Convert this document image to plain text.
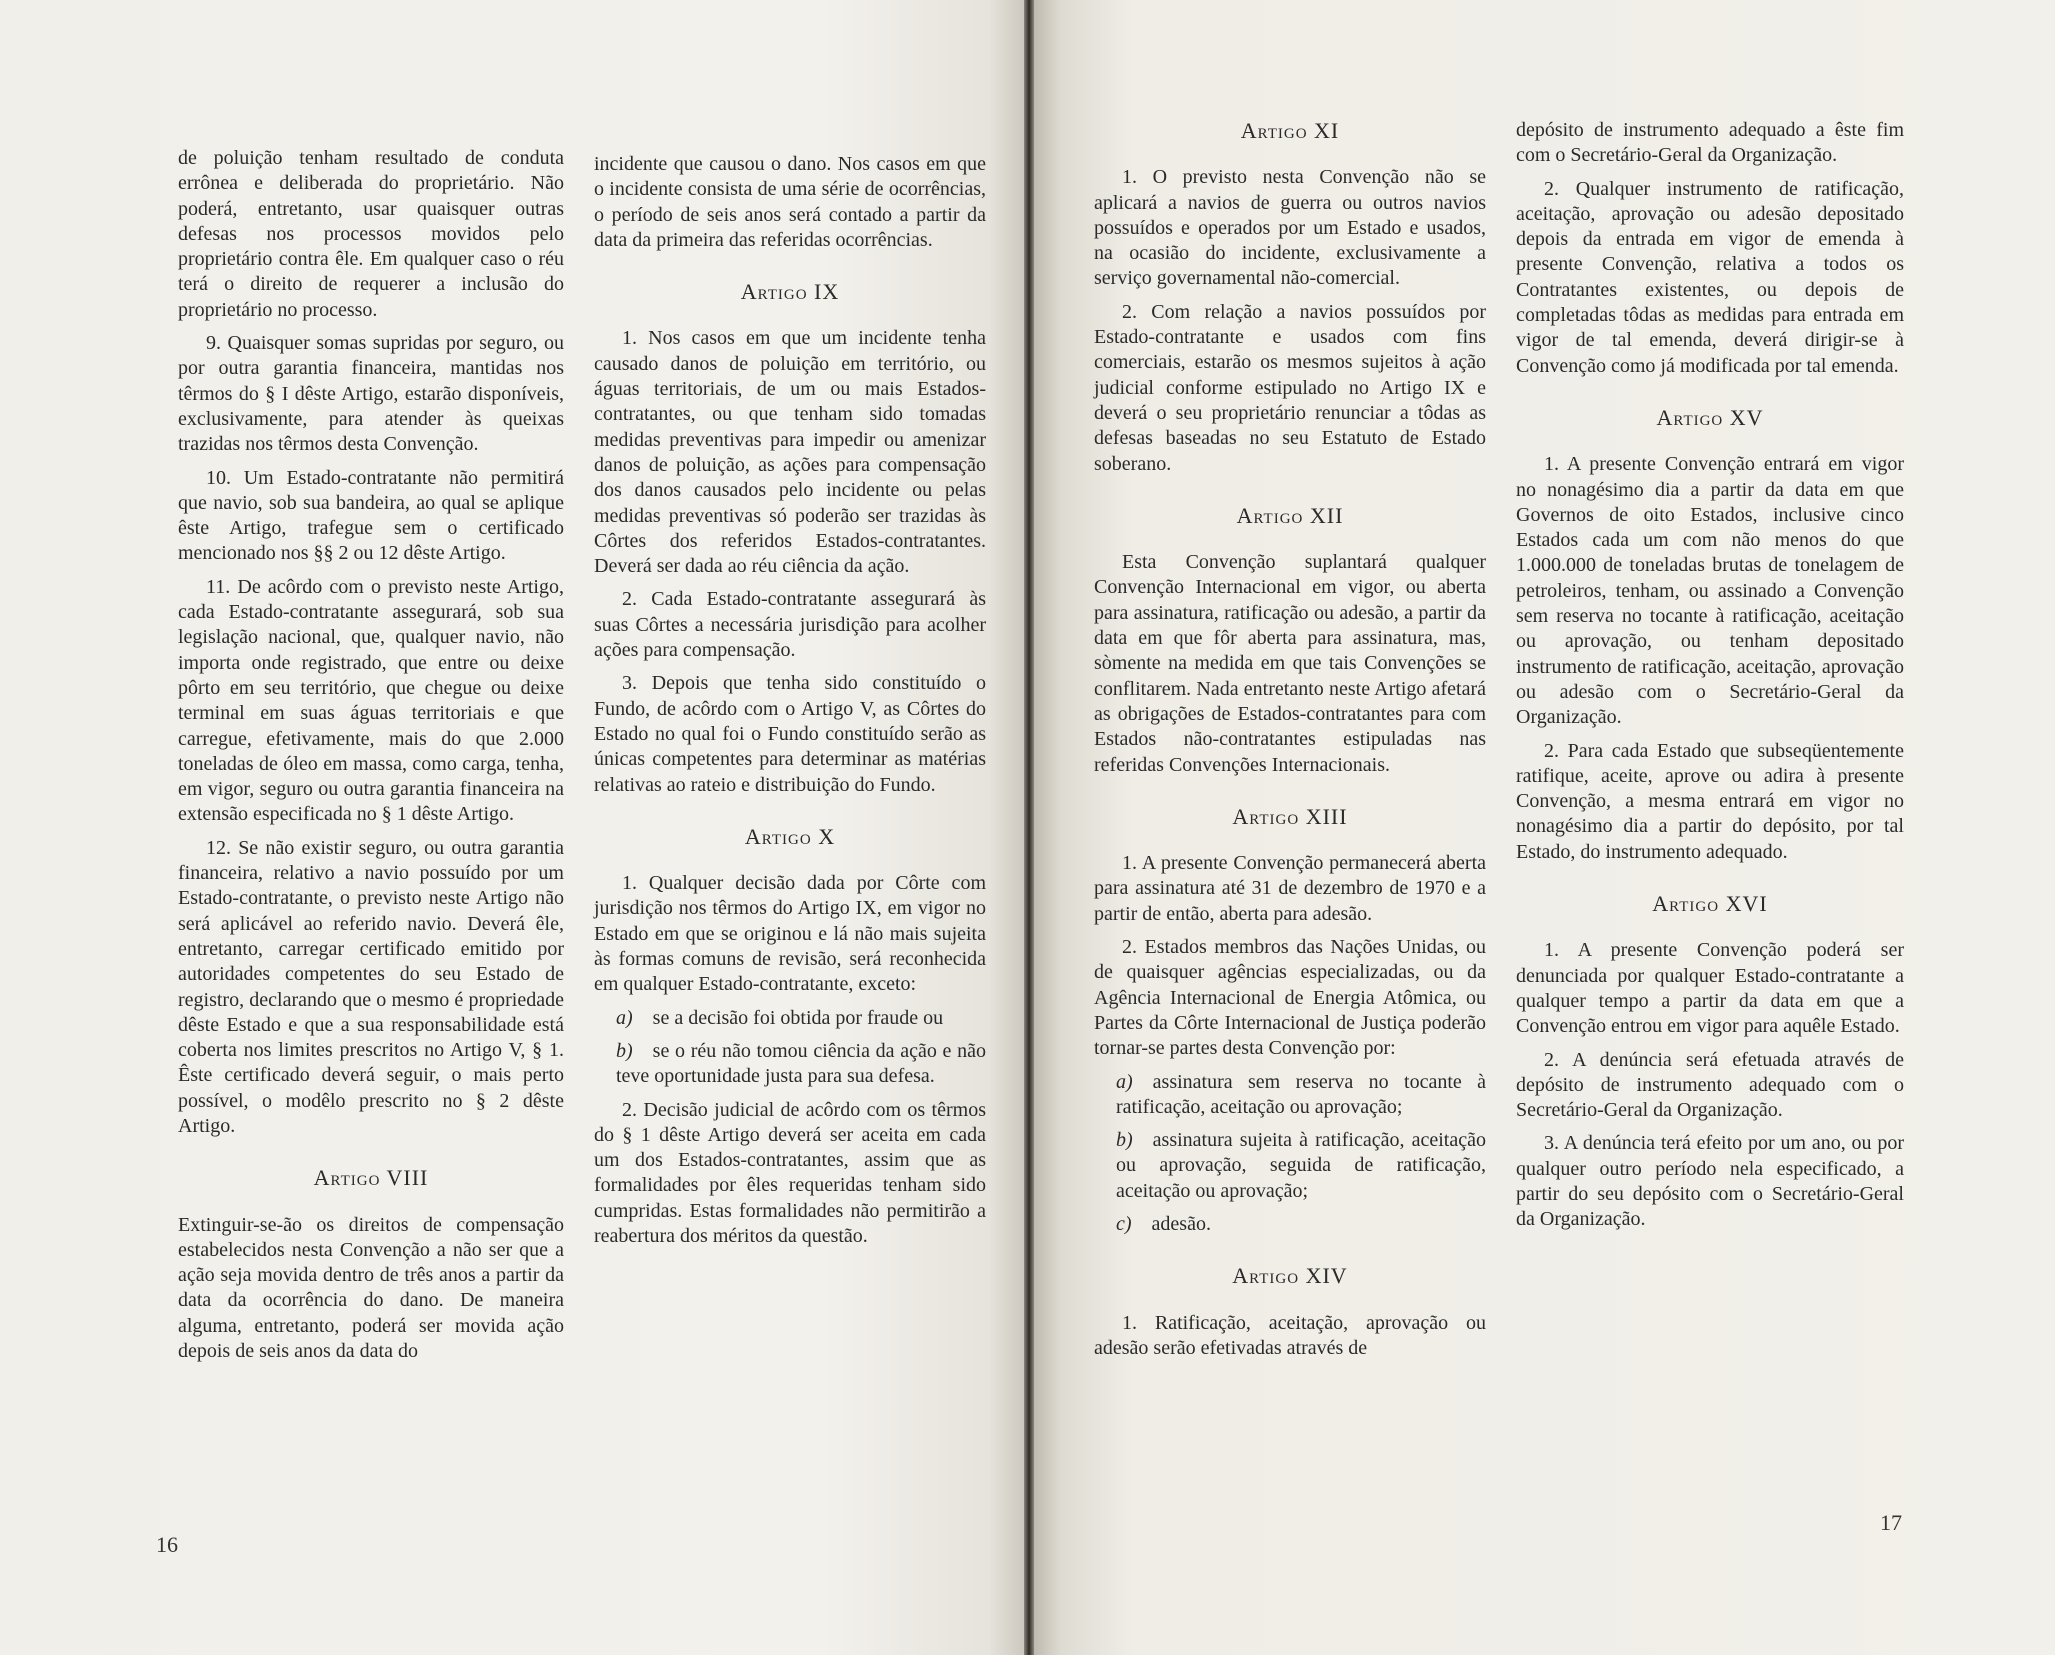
de poluição tenham resultado de conduta errônea e deliberada do proprietário. Não poderá, entretanto, usar quaisquer outras defesas nos processos movidos pelo proprietário contra êle. Em qualquer caso o réu terá o direito de requerer a inclusão do proprietário no processo.

9. Quaisquer somas supridas por seguro, ou por outra garantia financeira, mantidas nos têrmos do § I dêste Artigo, estarão disponíveis, exclusivamente, para atender às queixas trazidas nos têrmos desta Convenção.

10. Um Estado-contratante não permitirá que navio, sob sua bandeira, ao qual se aplique êste Artigo, trafegue sem o certificado mencionado nos §§ 2 ou 12 dêste Artigo.

11. De acôrdo com o previsto neste Artigo, cada Estado-contratante assegurará, sob sua legislação nacional, que, qualquer navio, não importa onde registrado, que entre ou deixe pôrto em seu território, que chegue ou deixe terminal em suas águas territoriais e que carregue, efetivamente, mais do que 2.000 toneladas de óleo em massa, como carga, tenha, em vigor, seguro ou outra garantia financeira na extensão especificada no § 1 dêste Artigo.

12. Se não existir seguro, ou outra garantia financeira, relativo a navio possuído por um Estado-contratante, o previsto neste Artigo não será aplicável ao referido navio. Deverá êle, entretanto, carregar certificado emitido por autoridades competentes do seu Estado de registro, declarando que o mesmo é propriedade dêste Estado e que a sua responsabilidade está coberta nos limites prescritos no Artigo V, § 1. Êste certificado deverá seguir, o mais perto possível, o modêlo prescrito no § 2 dêste Artigo.

Artigo VIII

Extinguir-se-ão os direitos de compensação estabelecidos nesta Convenção a não ser que a ação seja movida dentro de três anos a partir da data da ocorrência do dano. De maneira alguma, entretanto, poderá ser movida ação depois de seis anos da data do

incidente que causou o dano. Nos casos em que o incidente consista de uma série de ocorrências, o período de seis anos será contado a partir da data da primeira das referidas ocorrências.

Artigo IX

1. Nos casos em que um incidente tenha causado danos de poluição em território, ou águas territoriais, de um ou mais Estados-contratantes, ou que tenham sido tomadas medidas preventivas para impedir ou amenizar danos de poluição, as ações para compensação dos danos causados pelo incidente ou pelas medidas preventivas só poderão ser trazidas às Côrtes dos referidos Estados-contratantes. Deverá ser dada ao réu ciência da ação.

2. Cada Estado-contratante assegurará às suas Côrtes a necessária jurisdição para acolher ações para compensação.

3. Depois que tenha sido constituído o Fundo, de acôrdo com o Artigo V, as Côrtes do Estado no qual foi o Fundo constituído serão as únicas competentes para determinar as matérias relativas ao rateio e distribuição do Fundo.

Artigo X

1. Qualquer decisão dada por Côrte com jurisdição nos têrmos do Artigo IX, em vigor no Estado em que se originou e lá não mais sujeita às formas comuns de revisão, será reconhecida em qualquer Estado-contratante, exceto:

a)  se a decisão foi obtida por fraude ou

b)  se o réu não tomou ciência da ação e não teve oportunidade justa para sua defesa.

2. Decisão judicial de acôrdo com os têrmos do § 1 dêste Artigo deverá ser aceita em cada um dos Estados-contratantes, assim que as formalidades por êles requeridas tenham sido cumpridas. Estas formalidades não permitirão a reabertura dos méritos da questão.

Artigo XI

1. O previsto nesta Convenção não se aplicará a navios de guerra ou outros navios possuídos e operados por um Estado e usados, na ocasião do incidente, exclusivamente a serviço governamental não-comercial.

2. Com relação a navios possuídos por Estado-contratante e usados com fins comerciais, estarão os mesmos sujeitos à ação judicial conforme estipulado no Artigo IX e deverá o seu proprietário renunciar a tôdas as defesas baseadas no seu Estatuto de Estado soberano.

Artigo XII

Esta Convenção suplantará qualquer Convenção Internacional em vigor, ou aberta para assinatura, ratificação ou adesão, a partir da data em que fôr aberta para assinatura, mas, sòmente na medida em que tais Convenções se conflitarem. Nada entretanto neste Artigo afetará as obrigações de Estados-contratantes para com Estados não-contratantes estipuladas nas referidas Convenções Internacionais.

Artigo XIII

1. A presente Convenção permanecerá aberta para assinatura até 31 de dezembro de 1970 e a partir de então, aberta para adesão.

2. Estados membros das Nações Unidas, ou de quaisquer agências especializadas, ou da Agência Internacional de Energia Atômica, ou Partes da Côrte Internacional de Justiça poderão tornar-se partes desta Convenção por:

a)  assinatura sem reserva no tocante à ratificação, aceitação ou aprovação;

b)  assinatura sujeita à ratificação, aceitação ou aprovação, seguida de ratificação, aceitação ou aprovação;

c)  adesão.

Artigo XIV

1. Ratificação, aceitação, aprovação ou adesão serão efetivadas através de

depósito de instrumento adequado a êste fim com o Secretário-Geral da Organização.

2. Qualquer instrumento de ratificação, aceitação, aprovação ou adesão depositado depois da entrada em vigor de emenda à presente Convenção, relativa a todos os Contratantes existentes, ou depois de completadas tôdas as medidas para entrada em vigor de tal emenda, deverá dirigir-se à Convenção como já modificada por tal emenda.

Artigo XV

1. A presente Convenção entrará em vigor no nonagésimo dia a partir da data em que Governos de oito Estados, inclusive cinco Estados cada um com não menos do que 1.000.000 de toneladas brutas de tonelagem de petroleiros, tenham, ou assinado a Convenção sem reserva no tocante à ratificação, aceitação ou aprovação, ou tenham depositado instrumento de ratificação, aceitação, aprovação ou adesão com o Secretário-Geral da Organização.

2. Para cada Estado que subseqüentemente ratifique, aceite, aprove ou adira à presente Convenção, a mesma entrará em vigor no nonagésimo dia a partir do depósito, por tal Estado, do instrumento adequado.

Artigo XVI

1. A presente Convenção poderá ser denunciada por qualquer Estado-contratante a qualquer tempo a partir da data em que a Convenção entrou em vigor para aquêle Estado.

2. A denúncia será efetuada através de depósito de instrumento adequado com o Secretário-Geral da Organização.

3. A denúncia terá efeito por um ano, ou por qualquer outro período nela especificado, a partir do seu depósito com o Secretário-Geral da Organização.

16
17
